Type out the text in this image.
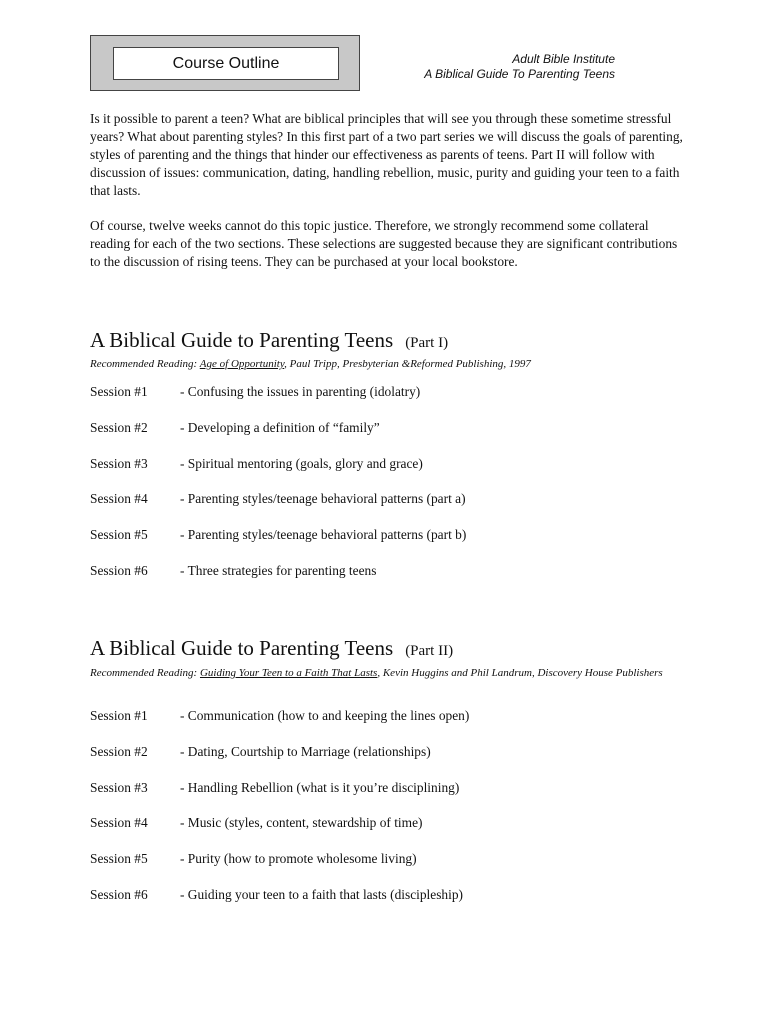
Course Outline	Adult Bible Institute
A Biblical Guide To Parenting Teens

Is it possible to parent a teen? What are biblical principles that will see you through these sometime stressful years? What about parenting styles? In this first part of a two part series we will discuss the goals of parenting, styles of parenting and the things that hinder our effectiveness as parents of teens. Part II will follow with discussion of issues: communication, dating, handling rebellion, music, purity and guiding your teen to a faith that lasts.

Of course, twelve weeks cannot do this topic justice. Therefore, we strongly recommend some collateral reading for each of the two sections. These selections are suggested because they are significant contributions to the discussion of rising teens. They can be purchased at your local bookstore.

A Biblical Guide to Parenting Teens (Part I)

Recommended Reading: Age of Opportunity, Paul Tripp, Presbyterian &Reformed Publishing, 1997

Session #1 - Confusing the issues in parenting (idolatry)
Session #2 - Developing a definition of “family”
Session #3 - Spiritual mentoring (goals, glory and grace)
Session #4 - Parenting styles/teenage behavioral patterns (part a)
Session #5 - Parenting styles/teenage behavioral patterns (part b)
Session #6 - Three strategies for parenting teens
A Biblical Guide to Parenting Teens (Part II)

Recommended Reading: Guiding Your Teen to a Faith That Lasts, Kevin Huggins and Phil Landrum, Discovery House Publishers

Session #1 - Communication (how to and keeping the lines open)
Session #2 - Dating, Courtship to Marriage (relationships)
Session #3 - Handling Rebellion (what is it you’re disciplining)
Session #4 - Music (styles, content, stewardship of time)
Session #5 - Purity (how to promote wholesome living)
Session #6 - Guiding your teen to a faith that lasts (discipleship)
